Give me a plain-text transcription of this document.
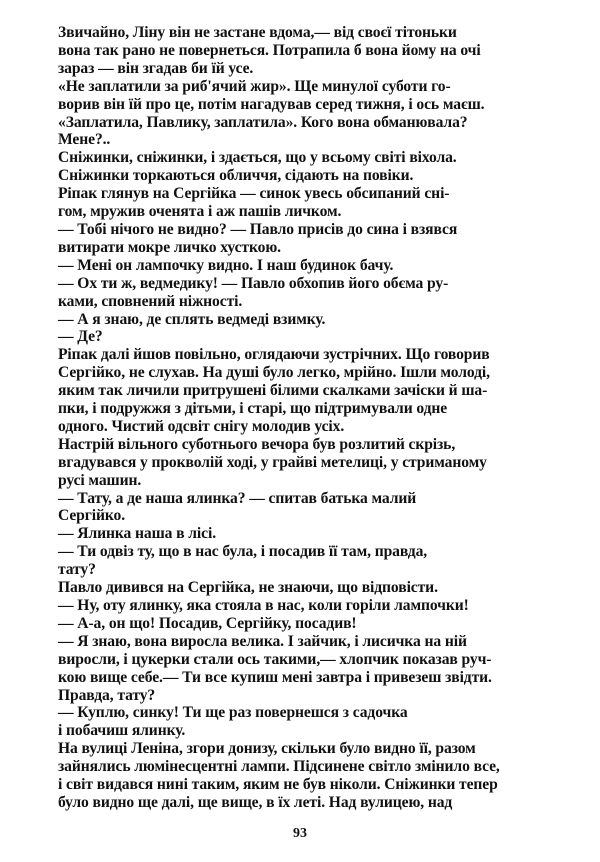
Звичайно, Ліну він не застане вдома,— від своєї тітоньки
вона так рано не повернеться. Потрапила б вона йому на очі
зараз — він згадав би їй усе.
«Не заплатили за риб'ячий жир». Ще минулої суботи го-
ворив він їй про це, потім нагадував серед тижня, і ось маєш.
«Заплатила, Павлику, заплатила». Кого вона обманювала?
Мене?..
Сніжинки, сніжинки, і здається, що у всьому світі віхола.
Сніжинки торкаються обличчя, сідають на повіки.
Ріпак глянув на Сергійка — синок увесь обсипаний сні-
гом, мружив оченята і аж пашів личком.
— Тобі нічого не видно? — Павло присів до сина і взявся
витирати мокре личко хусткою.
— Мені он лампочку видно. І наш будинок бачу.
— Ох ти ж, ведмедику! — Павло обхопив його обєма ру-
ками, сповнений ніжності.
— А я знаю, де сплять ведмеді взимку.
— Де?
Ріпак далі йшов повільно, оглядаючи зустрічних. Що говорив
Сергійко, не слухав. На душі було легко, мрійно. Ішли молоді,
яким так личили притрушені білими скалками зачіски й ша-
пки, і подружжя з дітьми, і старі, що підтримували одне
одного. Чистий одсвіт снігу молодив усіх.
Настрій вільного суботнього вечора був розлитий скрізь,
вгадувався у прокволій ході, у грайві метелиці, у стриманому
русі машин.
— Тату, а де наша ялинка? — спитав батька малий
Сергійко.
— Ялинка наша в лісі.
— Ти одвіз ту, що в нас була, і посадив її там, правда,
тату?
Павло дивився на Сергійка, не знаючи, що відповісти.
— Ну, оту ялинку, яка стояла в нас, коли горіли лампочки!
— А-а, он що! Посадив, Сергійку, посадив!
— Я знаю, вона виросла велика. І зайчик, і лисичка на ній
виросли, і цукерки стали ось такими,— хлопчик показав руч-
кою вище себе.— Ти все купиш мені завтра і привезеш звідти.
Правда, тату?
— Куплю, синку! Ти ще раз повернешся з садочка
і побачиш ялинку.
На вулиці Леніна, згори донизу, скільки було видно її, разом
зайнялись люмінесцентні лампи. Підсинене світло змінило все,
і світ видався нині таким, яким не був ніколи. Сніжинки тепер
було видно ще далі, ще вище, в їх леті. Над вулицею, над
93
